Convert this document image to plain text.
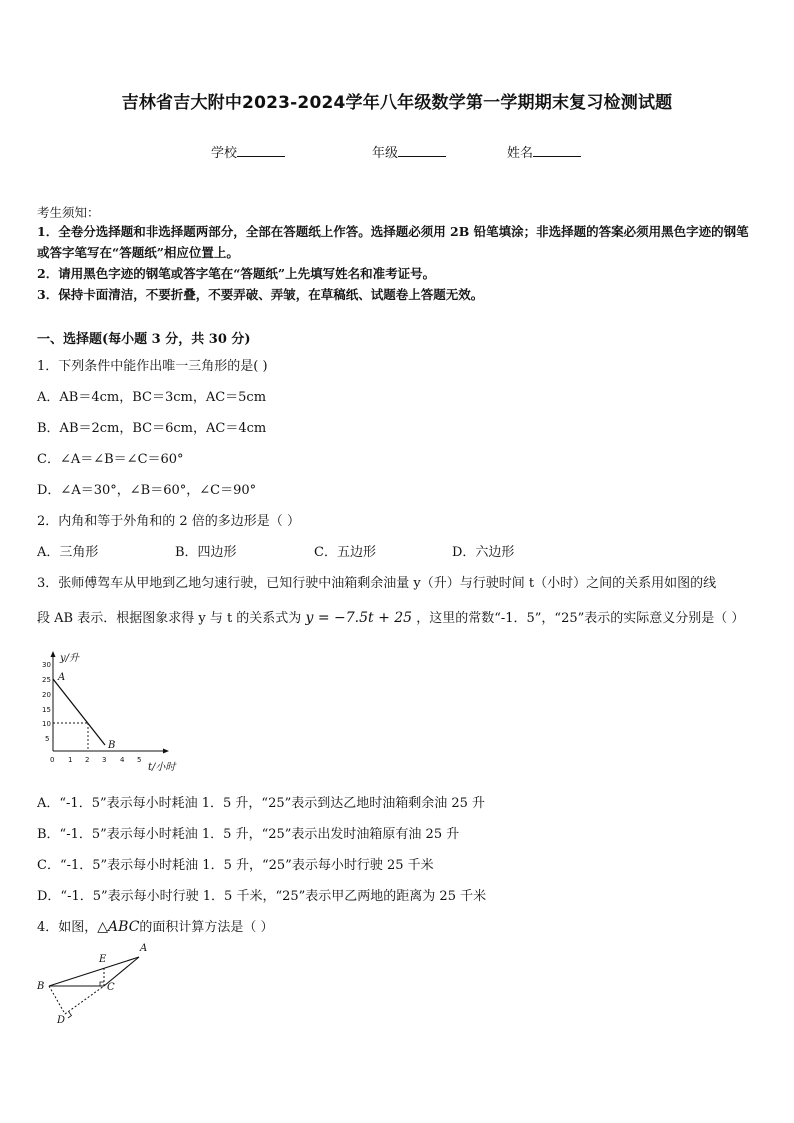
吉林省吉大附中2023-2024学年八年级数学第一学期期末复习检测试题
学校	年级	姓名
考生须知：
1．全卷分选择题和非选择题两部分，全部在答题纸上作答。选择题必须用 2B 铅笔填涂；非选择题的答案必须用黑色字迹的钢笔或答字笔写在“答题纸”相应位置上。
2．请用黑色字迹的钢笔或答字笔在“答题纸”上先填写姓名和准考证号。
3．保持卡面清洁，不要折叠，不要弄破、弄皱，在草稿纸、试题卷上答题无效。
一、选择题(每小题 3 分，共 30 分)
1．下列条件中能作出唯一三角形的是( )
A．AB＝4cm，BC＝3cm，AC＝5cm
B．AB＝2cm，BC＝6cm，AC＝4cm
C．∠A＝∠B＝∠C＝60°
D．∠A＝30°，∠B＝60°，∠C＝90°
2．内角和等于外角和的 2 倍的多边形是（ ）
A．三角形	B．四边形	C．五边形	D．六边形
3．张师傅驾车从甲地到乙地匀速行驶，已知行驶中油箱剩余油量 y（升）与行驶时间 t（小时）之间的关系用如图的线
段 AB 表示．根据图象求得 y 与 t 的关系式为 y = −7.5t + 25 ，这里的常数“-1．5”，“25”表示的实际意义分别是（ ）
30
25
20
15
10
5
0 1 2 3 4 5
y/升
t/小时
A
B
A．“-1．5”表示每小时耗油 1．5 升，“25”表示到达乙地时油箱剩余油 25 升
B．“-1．5”表示每小时耗油 1．5 升，“25”表示出发时油箱原有油 25 升
C．“-1．5”表示每小时耗油 1．5 升，“25”表示每小时行驶 25 千米
D．“-1．5”表示每小时行驶 1．5 千米，“25”表示甲乙两地的距离为 25 千米
4．如图，△ABC的面积计算方法是（ ）
A
B	C
D
E
